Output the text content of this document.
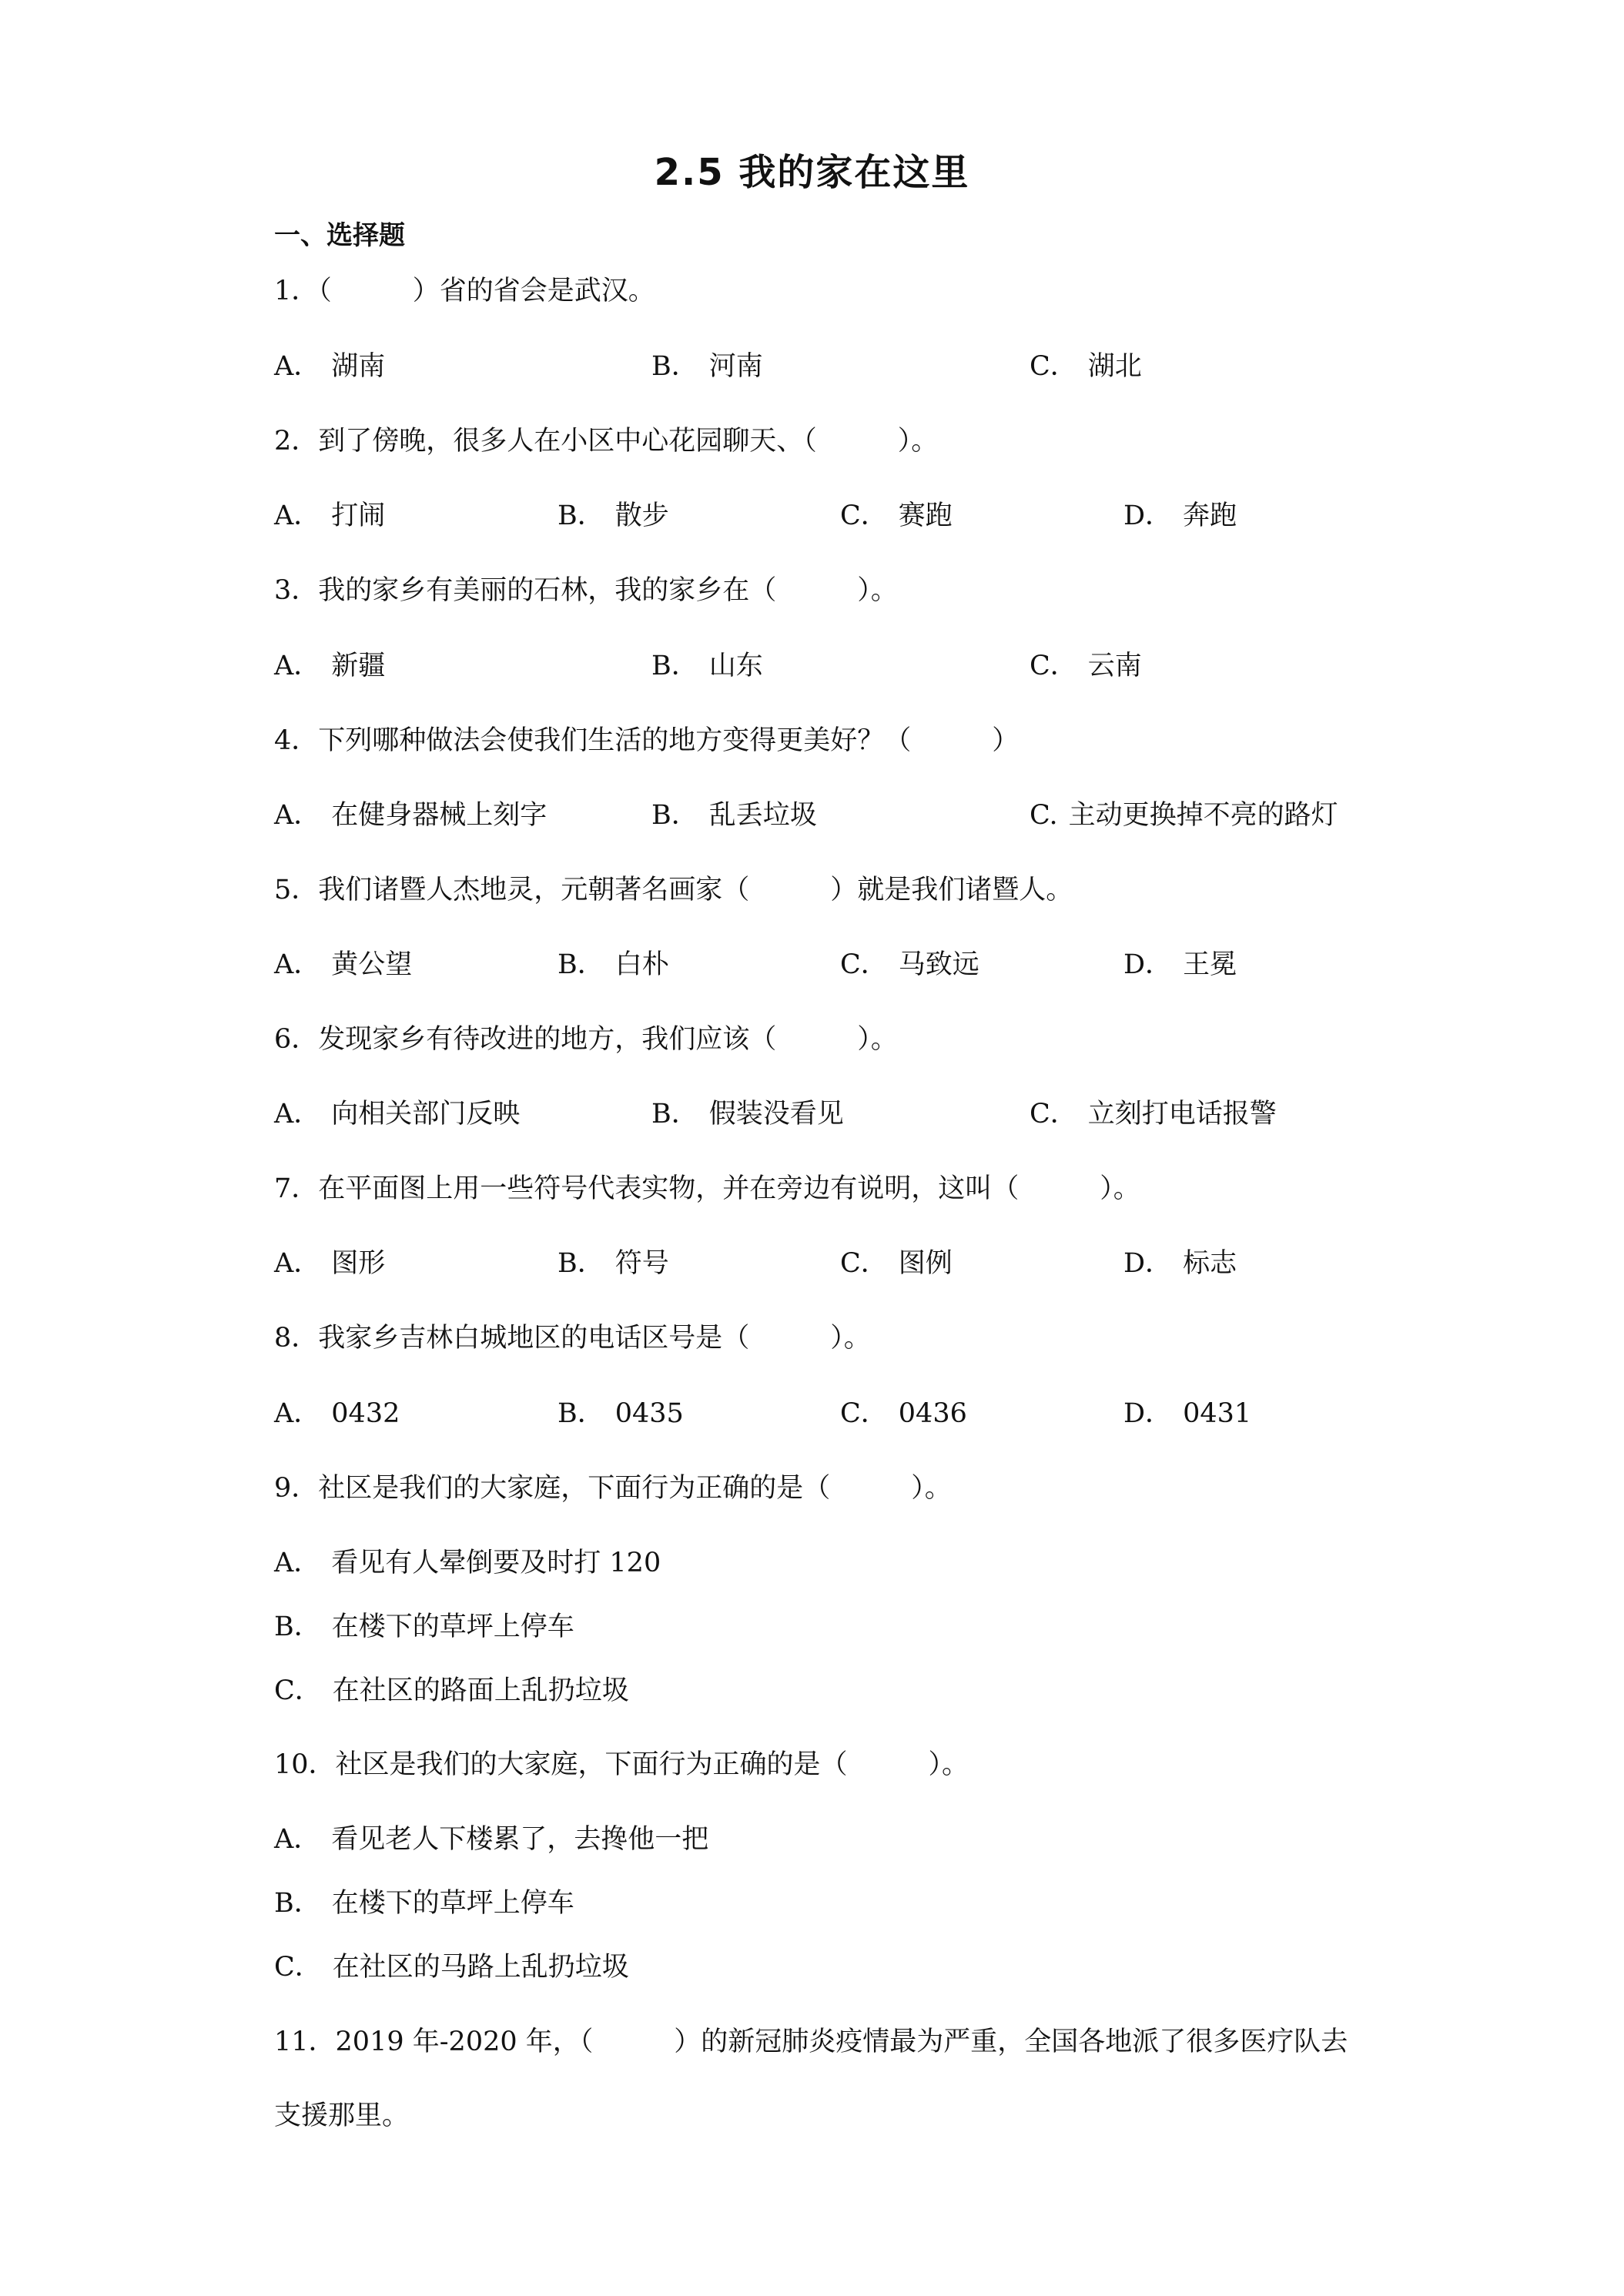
2.5 我的家在这里
一、选择题
1．（　　　）省的省会是武汉。
A． 湖南	B． 河南	C． 湖北
2．到了傍晚，很多人在小区中心花园聊天、（　　　）。
A． 打闹	B． 散步	C． 赛跑	D． 奔跑
3．我的家乡有美丽的石林，我的家乡在（　　　）。
A． 新疆	B． 山东	C． 云南
4．下列哪种做法会使我们生活的地方变得更美好？（　　　）
A． 在健身器械上刻字	B． 乱丢垃圾	C. 主动更换掉不亮的路灯
5．我们诸暨人杰地灵，元朝著名画家（　　　）就是我们诸暨人。
A． 黄公望	B． 白朴	C． 马致远	D． 王冕
6．发现家乡有待改进的地方，我们应该（　　　）。
A． 向相关部门反映	B． 假装没看见	C． 立刻打电话报警
7．在平面图上用一些符号代表实物，并在旁边有说明，这叫（　　　）。
A． 图形	B． 符号	C． 图例	D． 标志
8．我家乡吉林白城地区的电话区号是（　　　）。
A． 0432	B． 0435	C． 0436	D． 0431
9．社区是我们的大家庭，下面行为正确的是（　　　）。
A． 看见有人晕倒要及时打 120
B． 在楼下的草坪上停车
C． 在社区的路面上乱扔垃圾
10．社区是我们的大家庭，下面行为正确的是（　　　）。
A． 看见老人下楼累了，去搀他一把
B． 在楼下的草坪上停车
C． 在社区的马路上乱扔垃圾
11．2019 年-2020 年，（　　　）的新冠肺炎疫情最为严重，全国各地派了很多医疗队去
支援那里。
